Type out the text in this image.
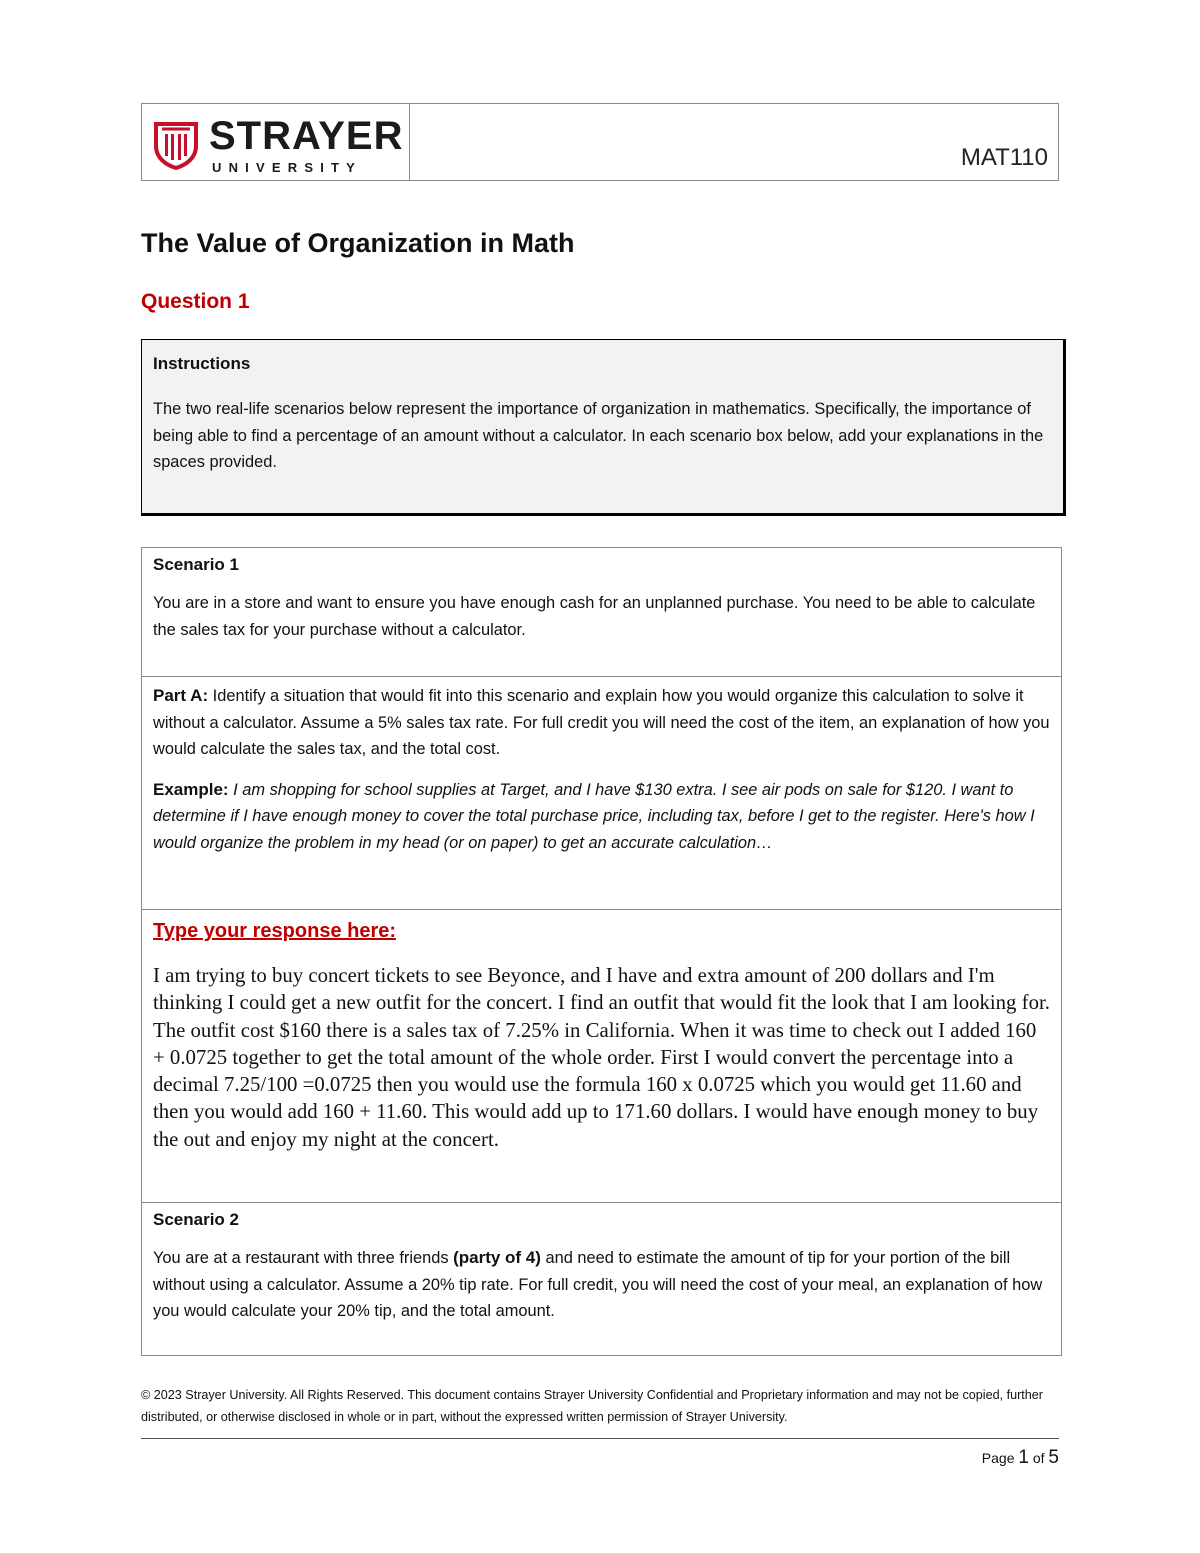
STRAYER
UNIVERSITY	MAT110
The Value of Organization in Math
Question 1
Instructions

The two real-life scenarios below represent the importance of organization in mathematics. Specifically, the importance of being able to find a percentage of an amount without a calculator. In each scenario box below, add your explanations in the spaces provided.

Scenario 1

You are in a store and want to ensure you have enough cash for an unplanned purchase. You need to be able to calculate the sales tax for your purchase without a calculator.

Part A: Identify a situation that would fit into this scenario and explain how you would organize this calculation to solve it without a calculator. Assume a 5% sales tax rate. For full credit you will need the cost of the item, an explanation of how you would calculate the sales tax, and the total cost.

Example: I am shopping for school supplies at Target, and I have $130 extra. I see air pods on sale for $120. I want to determine if I have enough money to cover the total purchase price, including tax, before I get to the register. Here's how I would organize the problem in my head (or on paper) to get an accurate calculation…

Type your response here:

I am trying to buy concert tickets to see Beyonce, and I have and extra amount of 200 dollars and I'm thinking I could get a new outfit for the concert. I find an outfit that would fit the look that I am looking for. The outfit cost $160 there is a sales tax of 7.25% in California. When it was time to check out I added 160 + 0.0725 together to get the total amount of the whole order. First I would convert the percentage into a decimal 7.25/100 =0.0725 then you would use the formula 160 x 0.0725 which you would get 11.60 and then you would add 160 + 11.60. This would add up to 171.60 dollars. I would have enough money to buy the out and enjoy my night at the concert.

Scenario 2

You are at a restaurant with three friends (party of 4) and need to estimate the amount of tip for your portion of the bill without using a calculator. Assume a 20% tip rate. For full credit, you will need the cost of your meal, an explanation of how you would calculate your 20% tip, and the total amount.

© 2023 Strayer University. All Rights Reserved. This document contains Strayer University Confidential and Proprietary information and may not be copied, further distributed, or otherwise disclosed in whole or in part, without the expressed written permission of Strayer University.
Page 1 of 5
